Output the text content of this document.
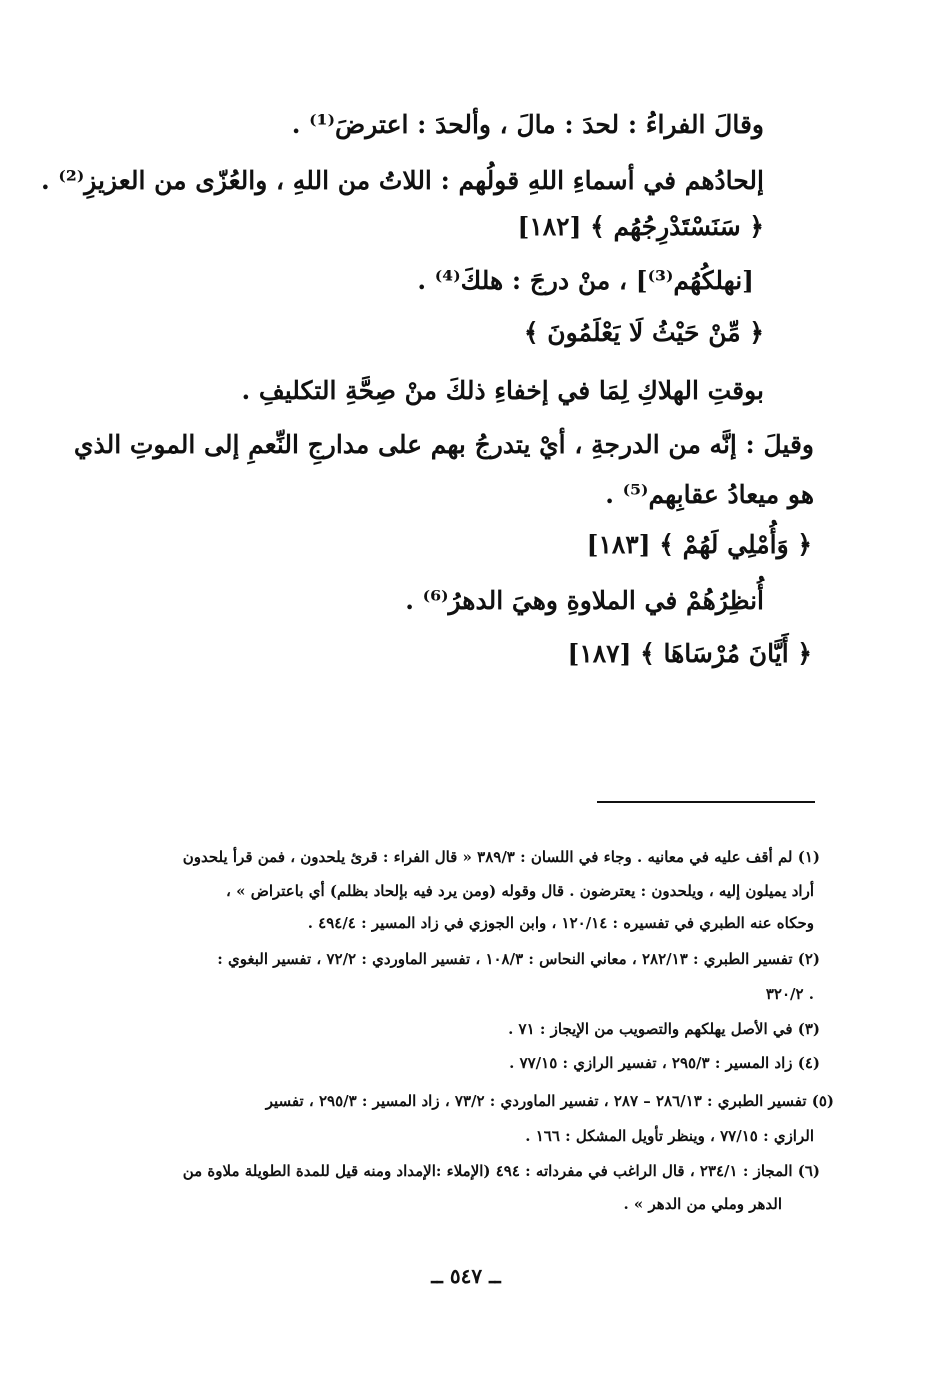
وقالَ الفراءُ : لحدَ : مالَ ، وألحدَ : اعترضَ⁽¹⁾ .
إلحادُهم في أسماءِ اللهِ قولُهم : اللاتُ من اللهِ ، والعُزّى من العزيزِ⁽²⁾ .
﴿ سَنَسْتَدْرِجُهُم ﴾ [١٨٢]
[نهلكُهُم⁽³⁾] ، منْ درجَ : هلكَ⁽⁴⁾ .
﴿ مِّنْ حَيْثُ لَا يَعْلَمُونَ ﴾
بوقتِ الهلاكِ لِمَا في إخفاءِ ذلكَ منْ صِحَّةِ التكليفِ .
وقيلَ : إنَّه من الدرجةِ ، أيْ يتدرجُ بهم على مدارجِ النِّعمِ إلى الموتِ الذي
هو ميعادُ عقابِهم⁽⁵⁾ .
﴿ وَأُمْلِي لَهُمْ ﴾ [١٨٣]
أُنظِرُهُمْ في الملاوةِ وهيَ الدهرُ⁽⁶⁾ .
﴿ أَيَّانَ مُرْسَاهَا ﴾ [١٨٧]
(١) لم أقف عليه في معانيه . وجاء في اللسان : ٣٨٩/٣ « قال الفراء : قرئ يلحدون ، فمن قرأ يلحدون
أراد يميلون إليه ، ويلحدون : يعترضون . قال وقوله (ومن يرد فيه بإلحاد بظلم) أي باعتراض » ،
وحكاه عنه الطبري في تفسيره : ١٢٠/١٤ ، وابن الجوزي في زاد المسير : ٤٩٤/٤ .
(٢) تفسير الطبري : ٢٨٢/١٣ ، معاني النحاس : ١٠٨/٣ ، تفسير الماوردي : ٧٢/٢ ، تفسير البغوي :
٣٢٠/٢ .
(٣) في الأصل يهلكهم والتصويب من الإيجاز : ٧١ .
(٤) زاد المسير : ٢٩٥/٣ ، تفسير الرازي : ٧٧/١٥ .
(٥) تفسير الطبري : ٢٨٦/١٣ – ٢٨٧ ، تفسير الماوردي : ٧٣/٢ ، زاد المسير : ٢٩٥/٣ ، تفسير
الرازي : ٧٧/١٥ ، وينظر تأويل المشكل : ١٦٦ .
(٦) المجاز : ٢٣٤/١ ، قال الراغب في مفرداته : ٤٩٤ (الإملاء :الإمداد ومنه قيل للمدة الطويلة ملاوة من
الدهر وملي من الدهر » .
ــ ٥٤٧ ــ
